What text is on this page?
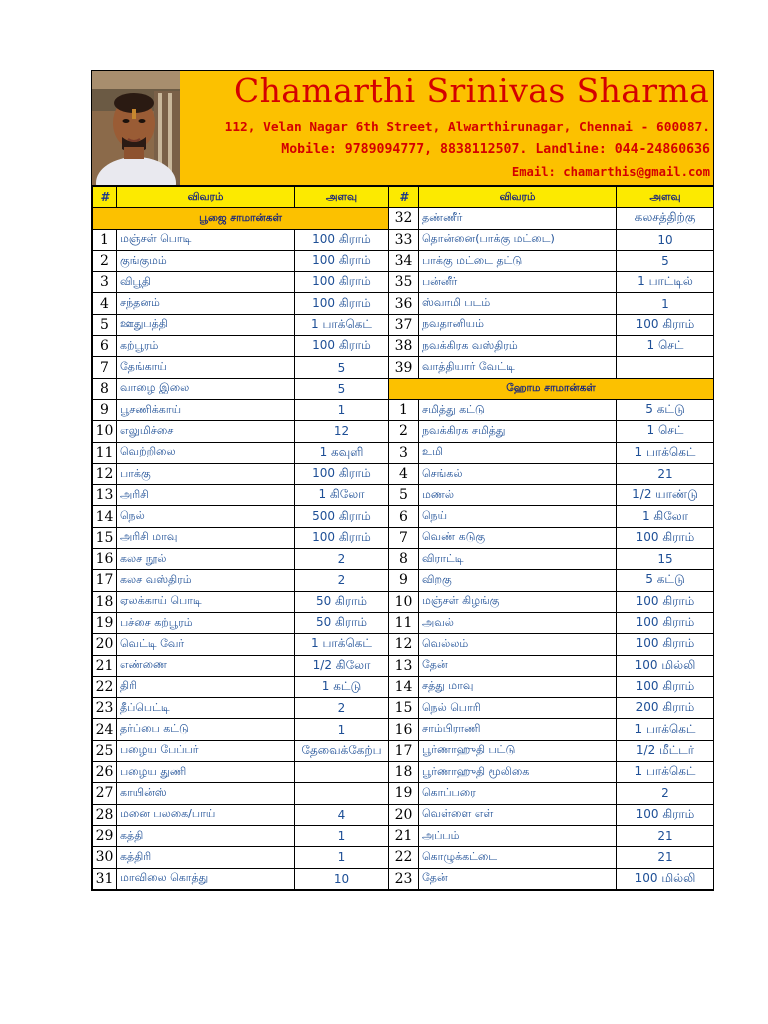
Chamarthi Srinivas Sharma
112, Velan Nagar 6th Street, Alwarthirunagar, Chennai - 600087.
Mobile: 9789094777, 8838112507. Landline: 044-24860636
Email: chamarthis@gmail.com
#	விவரம்	அளவு	#	விவரம்	அளவு
பூஜை சாமான்கள்			32	தண்ணீர்	கலசத்திற்கு
1	மஞ்சள் பொடி	100 கிராம்	33	தொன்னை(பாக்கு மட்டை)	10
2	குங்குமம்	100 கிராம்	34	பாக்கு மட்டை தட்டு	5
3	விபூதி	100 கிராம்	35	பன்னீர்	1 பாட்டில்
4	சந்தனம்	100 கிராம்	36	ஸ்வாமி படம்	1
5	ஊதுபத்தி	1 பாக்கெட்	37	நவதானியம்	100 கிராம்
6	கற்பூரம்	100 கிராம்	38	நவக்கிரக வஸ்திரம்	1 செட்
7	தேங்காய்	5	39	வாத்தியார் வேட்டி	
8	வாழை இலை	5	ஹோம சாமான்கள்		
9	பூசணிக்காய்	1	1	சமித்து கட்டு	5 கட்டு
10	எலுமிச்சை	12	2	நவக்கிரக சமித்து	1 செட்
11	வெற்றிலை	1 கவுளி	3	உமி	1 பாக்கெட்
12	பாக்கு	100 கிராம்	4	செங்கல்	21
13	அரிசி	1 கிலோ	5	மணல்	1/2 யாண்டு
14	நெல்	500 கிராம்	6	நெய்	1 கிலோ
15	அரிசி மாவு	100 கிராம்	7	வெண் கடுகு	100 கிராம்
16	கலச நூல்	2	8	விராட்டி	15
17	கலச வஸ்திரம்	2	9	விறகு	5 கட்டு
18	ஏலக்காய் பொடி	50 கிராம்	10	மஞ்சள் கிழங்கு	100 கிராம்
19	பச்சை கற்பூரம்	50 கிராம்	11	அவல்	100 கிராம்
20	வெட்டி வேர்	1 பாக்கெட்	12	வெல்லம்	100 கிராம்
21	எண்ணை	1/2 கிலோ	13	தேன்	100 மில்லி
22	திரி	1 கட்டு	14	சத்து மாவு	100 கிராம்
23	தீப்பெட்டி	2	15	நெல் பொரி	200 கிராம்
24	தர்ப்பை கட்டு	1	16	சாம்பிராணி	1 பாக்கெட்
25	பழைய பேப்பர்	தேவைக்கேற்ப	17	பூர்ணாஹுதி பட்டு	1/2 மீட்டர்
26	பழைய துணி		18	பூர்ணாஹுதி மூலிகை	1 பாக்கெட்
27	காயின்ஸ்		19	கொப்பரை	2
28	மனை பலகை/பாய்	4	20	வெள்ளை எள்	100 கிராம்
29	கத்தி	1	21	அப்பம்	21
30	கத்திரி	1	22	கொழுக்கட்டை	21
31	மாவிலை கொத்து	10	23	தேன்	100 மில்லி
